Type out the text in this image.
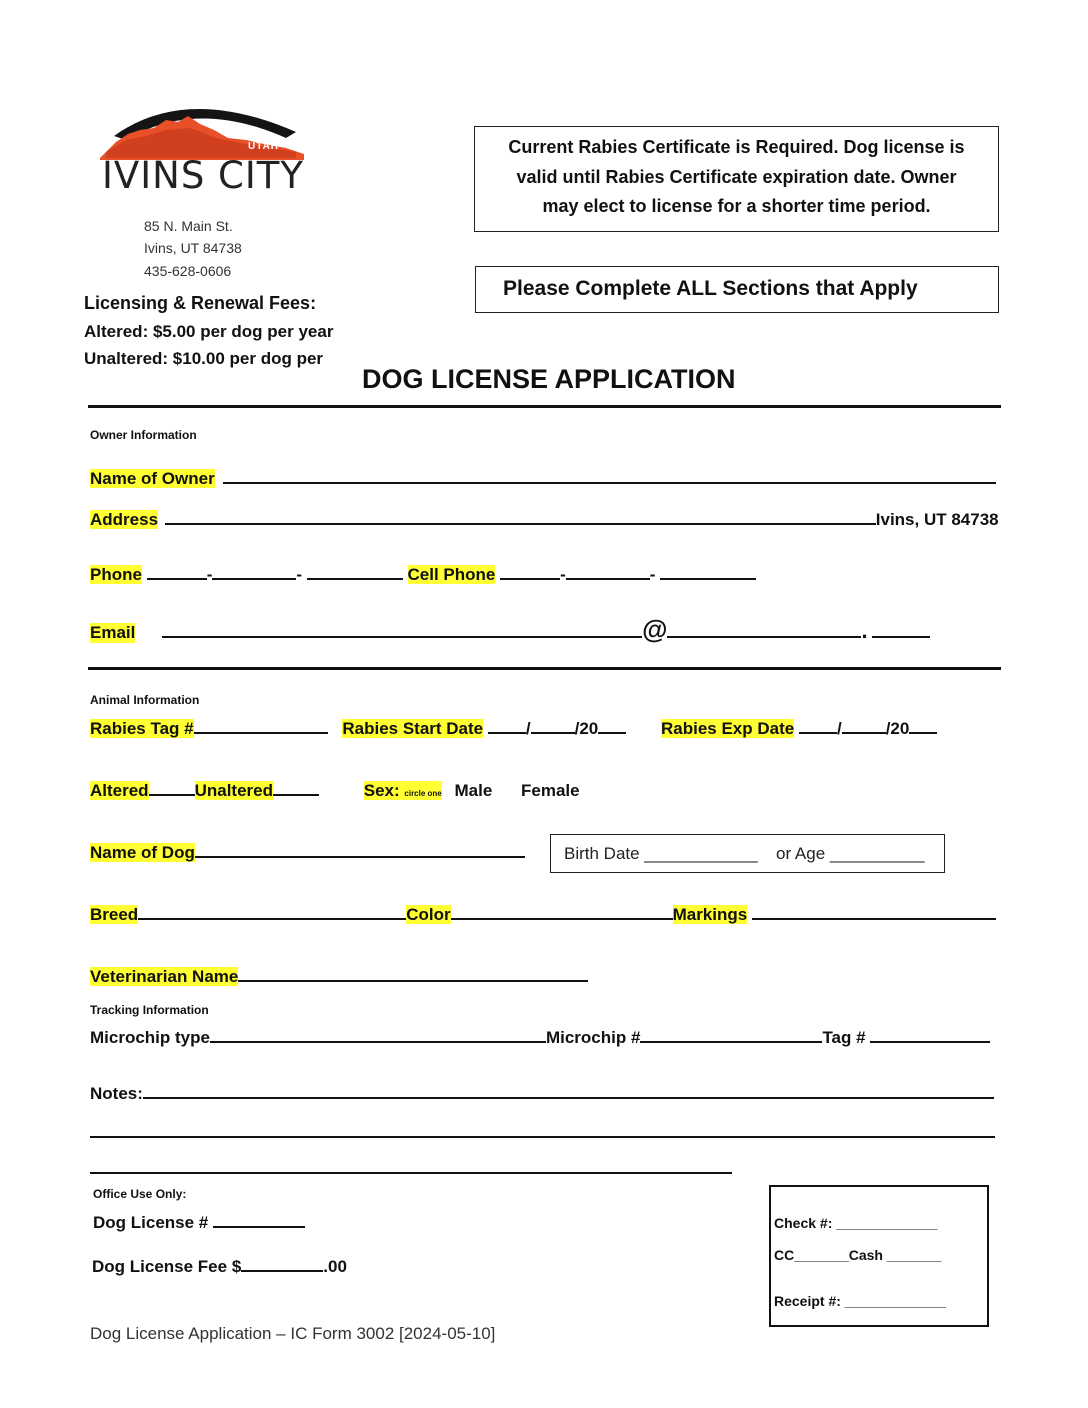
UTAH
IVINS CITY
85 N. Main St.
Ivins, UT 84738
435-628-0606
Licensing & Renewal Fees:
Altered: $5.00 per dog per year
Unaltered: $10.00 per dog per
Current Rabies Certificate is Required. Dog license is
valid until Rabies Certificate expiration date. Owner
may elect to license for a shorter time period.
Please Complete ALL Sections that Apply
DOG LICENSE APPLICATION
Owner Information
Name of Owner
Address	Ivins, UT 84738
Phone	-	-	Cell Phone	-	-
Email	@	.
Animal Information
Rabies Tag #	Rabies Start Date	/	/20	Rabies Exp Date	/	/20
Altered	Unaltered	Sex: circle one Male Female
Name of Dog	Birth Date ____________ or Age __________
Breed	Color	Markings
Veterinarian Name
Tracking Information
Microchip type	Microchip #	Tag #
Notes:
Office Use Only:
Dog License #
Dog License Fee $	.00
Check #: _____________
CC_______Cash _______
Receipt #: _____________
Dog License Application – IC Form 3002 [2024-05-10]
